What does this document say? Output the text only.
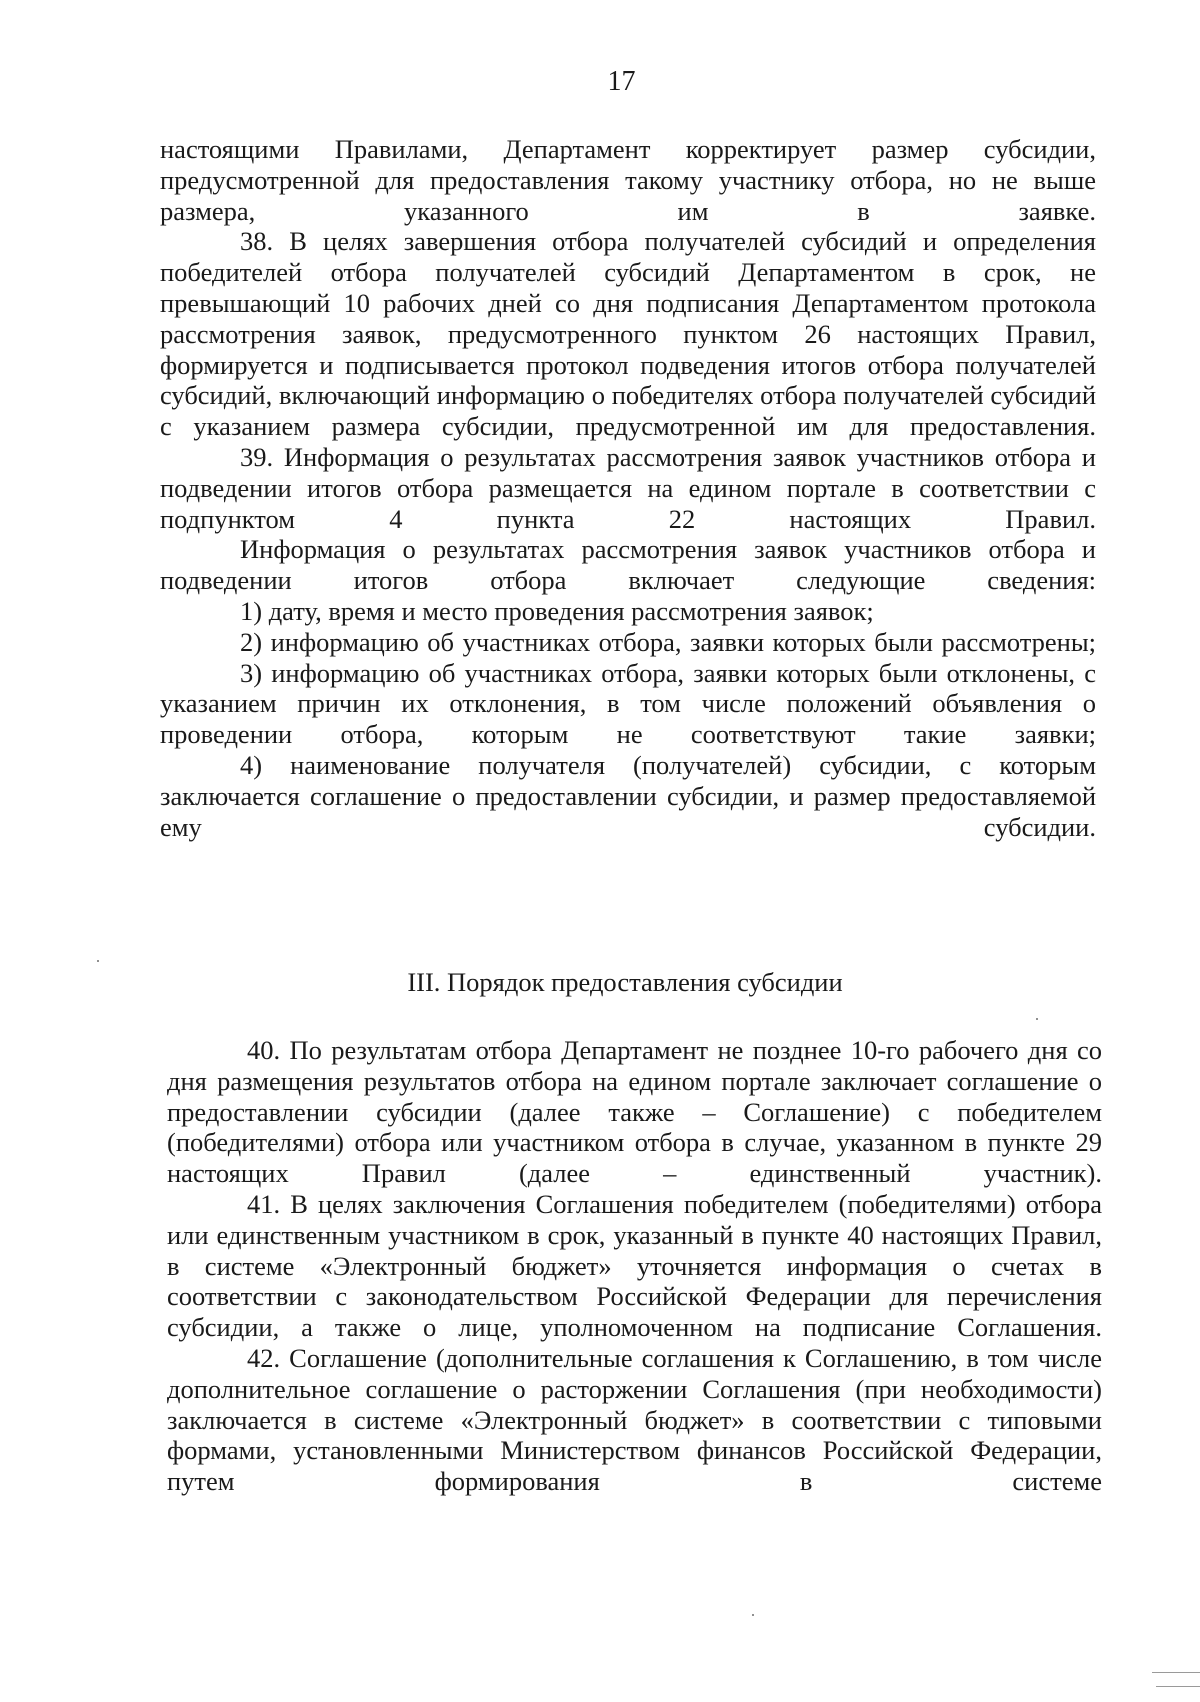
17
настоящими Правилами, Департамент корректирует размер субсидии, предусмотренной для предоставления такому участнику отбора, но не выше размера, указанного им в заявке.
38. В целях завершения отбора получателей субсидий и определения победителей отбора получателей субсидий Департаментом в срок, не превышающий 10 рабочих дней со дня подписания Департаментом протокола рассмотрения заявок, предусмотренного пунктом 26 настоящих Правил, формируется и подписывается протокол подведения итогов отбора получателей субсидий, включающий информацию о победителях отбора получателей субсидий с указанием размера субсидии, предусмотренной им для предоставления.
39. Информация о результатах рассмотрения заявок участников отбора и подведении итогов отбора размещается на едином портале в соответствии с подпунктом 4 пункта 22 настоящих Правил.
Информация о результатах рассмотрения заявок участников отбора и подведении итогов отбора включает следующие сведения:
1) дату, время и место проведения рассмотрения заявок;
2) информацию об участниках отбора, заявки которых были рассмотрены;
3) информацию об участниках отбора, заявки которых были отклонены, с указанием причин их отклонения, в том числе положений объявления о проведении отбора, которым не соответствуют такие заявки;
4) наименование получателя (получателей) субсидии, с которым заключается соглашение о предоставлении субсидии, и размер предоставляемой ему субсидии.
III. Порядок предоставления субсидии
40. По результатам отбора Департамент не позднее 10-го рабочего дня со дня размещения результатов отбора на едином портале заключает соглашение о предоставлении субсидии (далее также – Соглашение) с победителем (победителями) отбора или участником отбора в случае, указанном в пункте 29 настоящих Правил (далее – единственный участник).
41. В целях заключения Соглашения победителем (победителями) отбора или единственным участником в срок, указанный в пункте 40 настоящих Правил, в системе «Электронный бюджет» уточняется информация о счетах в соответствии с законодательством Российской Федерации для перечисления субсидии, а также о лице, уполномоченном на подписание Соглашения.
42. Соглашение (дополнительные соглашения к Соглашению, в том числе дополнительное соглашение о расторжении Соглашения (при необходимости) заключается в системе «Электронный бюджет» в соответствии с типовыми формами, установленными Министерством финансов Российской Федерации, путем формирования в системе
